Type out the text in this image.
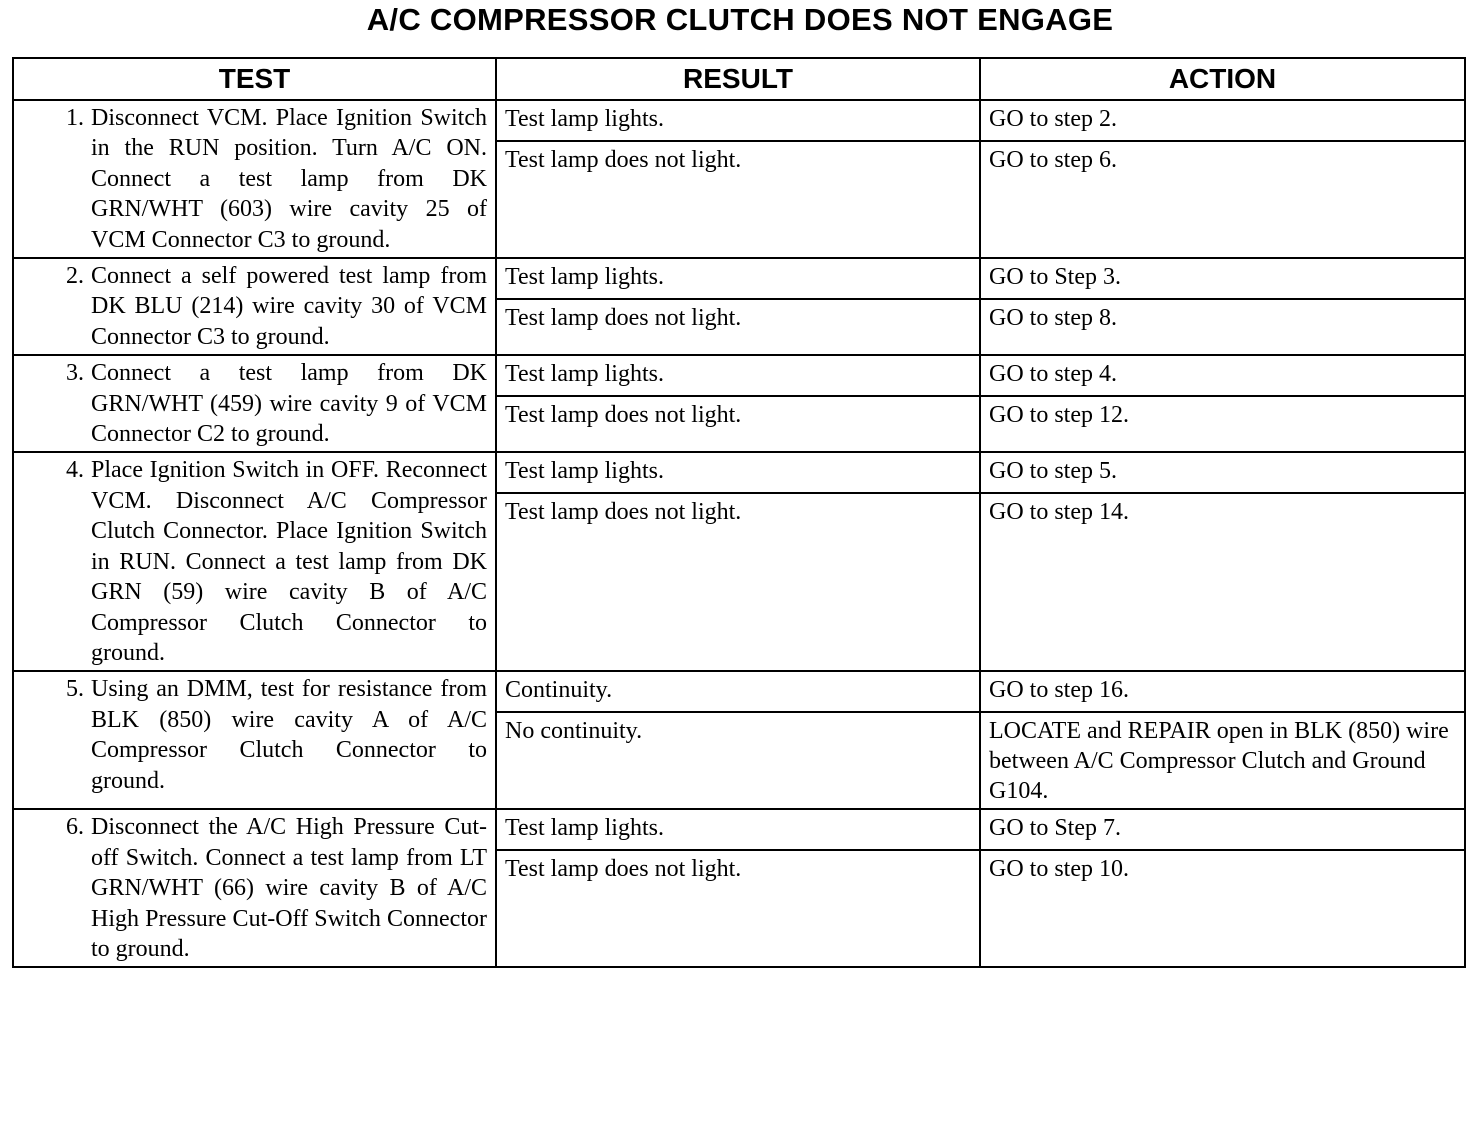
A/C COMPRESSOR CLUTCH DOES NOT ENGAGE
TEST	RESULT	ACTION

1. Disconnect VCM. Place Ignition Switch in the RUN position. Turn A/C ON. Connect a test lamp from DK GRN/WHT (603) wire cavity 25 of VCM Connector C3 to ground.	Test lamp lights.	GO to step 2.
	Test lamp does not light.	GO to step 6.

2. Connect a self powered test lamp from DK BLU (214) wire cavity 30 of VCM Connector C3 to ground.	Test lamp lights.	GO to Step 3.
	Test lamp does not light.	GO to step 8.

3. Connect a test lamp from DK GRN/WHT (459) wire cavity 9 of VCM Connector C2 to ground.	Test lamp lights.	GO to step 4.
	Test lamp does not light.	GO to step 12.

4. Place Ignition Switch in OFF. Reconnect VCM. Disconnect A/C Compressor Clutch Connector. Place Ignition Switch in RUN. Connect a test lamp from DK GRN (59) wire cavity B of A/C Compressor Clutch Connector to ground.	Test lamp lights.	GO to step 5.
	Test lamp does not light.	GO to step 14.

5. Using an DMM, test for resistance from BLK (850) wire cavity A of A/C Compressor Clutch Connector to ground.	Continuity.	GO to step 16.
	No continuity.	LOCATE and REPAIR open in BLK (850) wire between A/C Compressor Clutch and Ground G104.

6. Disconnect the A/C High Pressure Cut-off Switch. Connect a test lamp from LT GRN/WHT (66) wire cavity B of A/C High Pressure Cut-Off Switch Connector to ground.	Test lamp lights.	GO to Step 7.
	Test lamp does not light.	GO to step 10.
